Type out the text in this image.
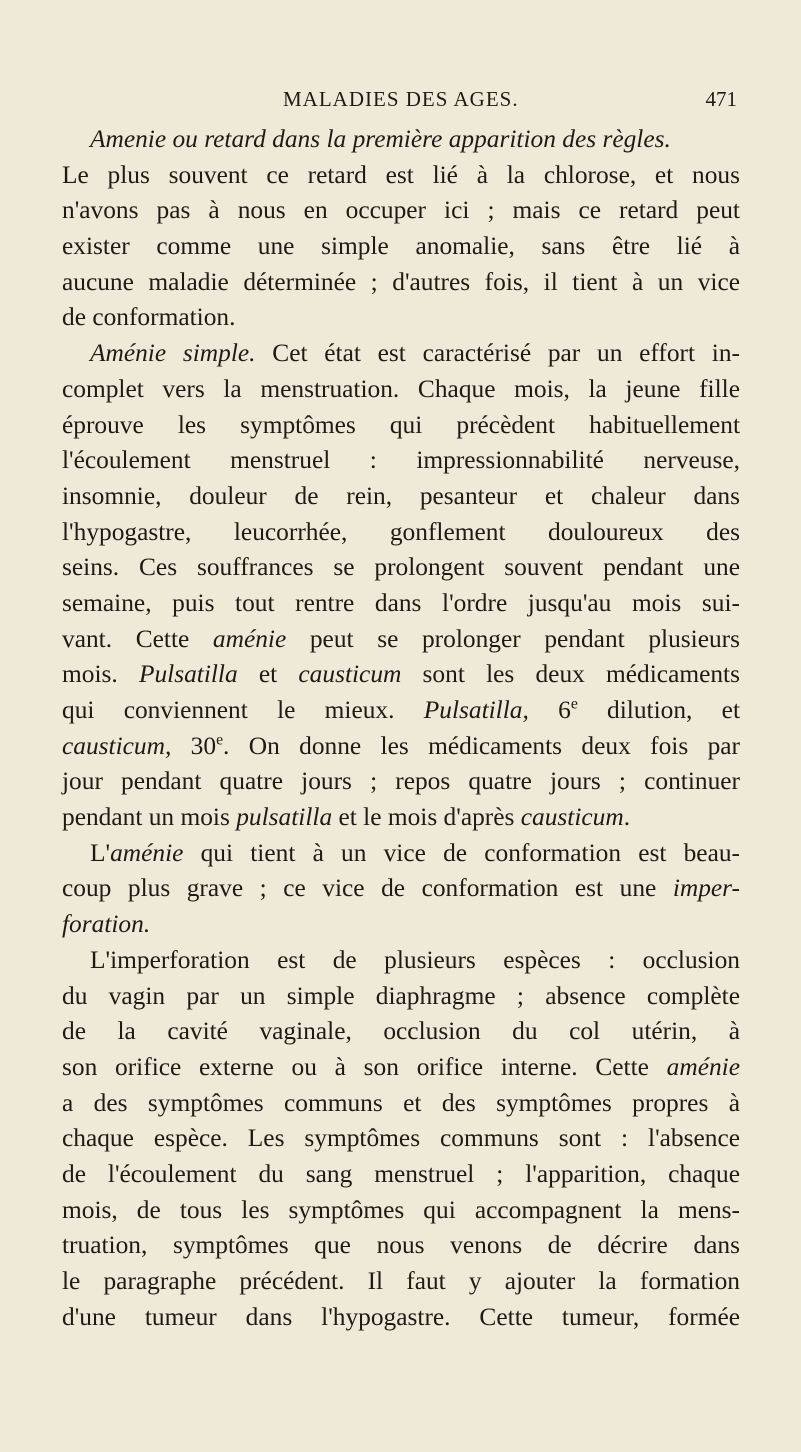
MALADIES DES AGES.	471
Amenie ou retard dans la première apparition des règles.
Le plus souvent ce retard est lié à la chlorose, et nous
n'avons pas à nous en occuper ici ; mais ce retard peut
exister comme une simple anomalie, sans être lié à
aucune maladie déterminée ; d'autres fois, il tient à un vice
de conformation.
Aménie simple. Cet état est caractérisé par un effort in-
complet vers la menstruation. Chaque mois, la jeune fille
éprouve les symptômes qui précèdent habituellement
l'écoulement menstruel : impressionnabilité nerveuse,
insomnie, douleur de rein, pesanteur et chaleur dans
l'hypogastre, leucorrhée, gonflement douloureux des
seins. Ces souffrances se prolongent souvent pendant une
semaine, puis tout rentre dans l'ordre jusqu'au mois sui-
vant. Cette aménie peut se prolonger pendant plusieurs
mois. Pulsatilla et causticum sont les deux médicaments
qui conviennent le mieux. Pulsatilla, 6e dilution, et
causticum, 30e. On donne les médicaments deux fois par
jour pendant quatre jours ; repos quatre jours ; continuer
pendant un mois pulsatilla et le mois d'après causticum.
L'aménie qui tient à un vice de conformation est beau-
coup plus grave ; ce vice de conformation est une imper-
foration.
L'imperforation est de plusieurs espèces : occlusion
du vagin par un simple diaphragme ; absence complète
de la cavité vaginale, occlusion du col utérin, à
son orifice externe ou à son orifice interne. Cette aménie
a des symptômes communs et des symptômes propres à
chaque espèce. Les symptômes communs sont : l'absence
de l'écoulement du sang menstruel ; l'apparition, chaque
mois, de tous les symptômes qui accompagnent la mens-
truation, symptômes que nous venons de décrire dans
le paragraphe précédent. Il faut y ajouter la formation
d'une tumeur dans l'hypogastre. Cette tumeur, formée
